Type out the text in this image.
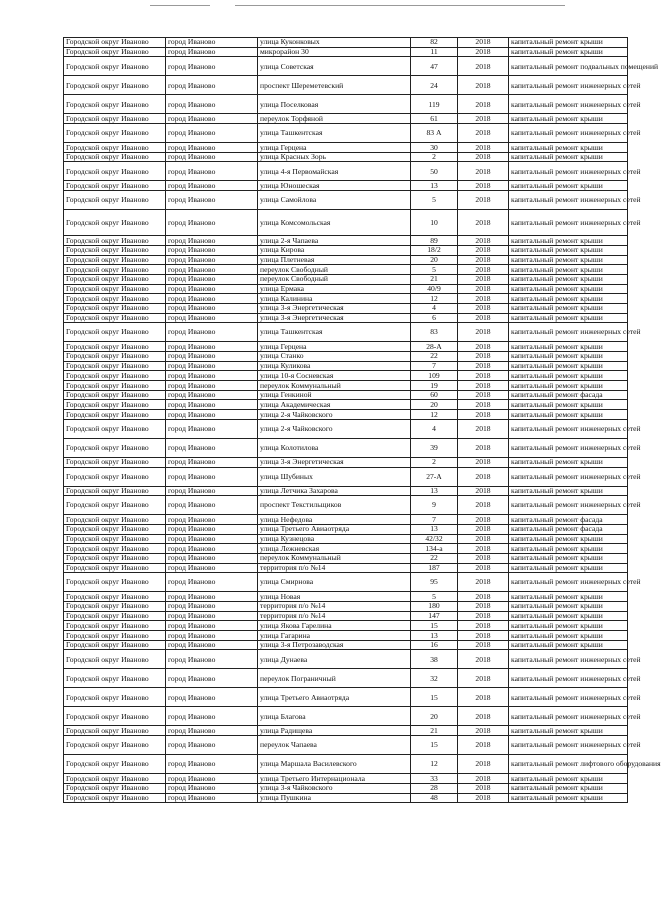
Городской округ Иваново	город Иваново	улица Куконковых	82	2018	капитальный ремонт крыши
Городской округ Иваново	город Иваново	микрорайон 30	11	2018	капитальный ремонт крыши
Городской округ Иваново	город Иваново	улица Советская	47	2018	капитальный ремонт подвальных помещений
Городской округ Иваново	город Иваново	проспект Шереметевский	24	2018	капитальный ремонт инженерных сетей
Городской округ Иваново	город Иваново	улица Поселковая	119	2018	капитальный ремонт инженерных сетей
Городской округ Иваново	город Иваново	переулок Торфяной	61	2018	капитальный ремонт крыши
Городской округ Иваново	город Иваново	улица Ташкентская	83 А	2018	капитальный ремонт инженерных сетей
Городской округ Иваново	город Иваново	улица Герцена	30	2018	капитальный ремонт крыши
Городской округ Иваново	город Иваново	улица Красных Зорь	2	2018	капитальный ремонт крыши
Городской округ Иваново	город Иваново	улица 4-я Первомайская	50	2018	капитальный ремонт инженерных сетей
Городской округ Иваново	город Иваново	улица Юношеская	13	2018	капитальный ремонт крыши
Городской округ Иваново	город Иваново	улица Самойлова	5	2018	капитальный ремонт инженерных сетей
Городской округ Иваново	город Иваново	улица Комсомольская	10	2018	капитальный ремонт инженерных сетей
Городской округ Иваново	город Иваново	улица 2-я Чапаева	89	2018	капитальный ремонт крыши
Городской округ Иваново	город Иваново	улица Кирова	18/2	2018	капитальный ремонт крыши
Городской округ Иваново	город Иваново	улица Плетневая	20	2018	капитальный ремонт крыши
Городской округ Иваново	город Иваново	переулок Свободный	5	2018	капитальный ремонт крыши
Городской округ Иваново	город Иваново	переулок Свободный	21	2018	капитальный ремонт крыши
Городской округ Иваново	город Иваново	улица Ермака	40/9	2018	капитальный ремонт крыши
Городской округ Иваново	город Иваново	улица Калинина	12	2018	капитальный ремонт крыши
Городской округ Иваново	город Иваново	улица 3-я Энергетическая	4	2018	капитальный ремонт крыши
Городской округ Иваново	город Иваново	улица 3-я Энергетическая	6	2018	капитальный ремонт крыши
Городской округ Иваново	город Иваново	улица Ташкентская	83	2018	капитальный ремонт инженерных сетей
Городской округ Иваново	город Иваново	улица Герцена	28-А	2018	капитальный ремонт крыши
Городской округ Иваново	город Иваново	улица Станко	22	2018	капитальный ремонт крыши
Городской округ Иваново	город Иваново	улица Куликова	7	2018	капитальный ремонт крыши
Городской округ Иваново	город Иваново	улица 10-я Сосневская	109	2018	капитальный ремонт крыши
Городской округ Иваново	город Иваново	переулок Коммунальный	19	2018	капитальный ремонт крыши
Городской округ Иваново	город Иваново	улица Генкиной	60	2018	капитальный ремонт фасада
Городской округ Иваново	город Иваново	улица Академическая	20	2018	капитальный ремонт крыши
Городской округ Иваново	город Иваново	улица 2-я Чайковского	12	2018	капитальный ремонт крыши
Городской округ Иваново	город Иваново	улица 2-я Чайковского	4	2018	капитальный ремонт инженерных сетей
Городской округ Иваново	город Иваново	улица Колотилова	39	2018	капитальный ремонт инженерных сетей
Городской округ Иваново	город Иваново	улица 3-я Энергетическая	2	2018	капитальный ремонт крыши
Городской округ Иваново	город Иваново	улица Шубиных	27-А	2018	капитальный ремонт инженерных сетей
Городской округ Иваново	город Иваново	улица Летчика Захарова	13	2018	капитальный ремонт крыши
Городской округ Иваново	город Иваново	проспект Текстильщиков	9	2018	капитальный ремонт инженерных сетей
Городской округ Иваново	город Иваново	улица Нефедова	7	2018	капитальный ремонт фасада
Городской округ Иваново	город Иваново	улица Третьего Авиаотряда	13	2018	капитальный ремонт фасада
Городской округ Иваново	город Иваново	улица Кузнецова	42/32	2018	капитальный ремонт крыши
Городской округ Иваново	город Иваново	улица Лежневская	134-а	2018	капитальный ремонт крыши
Городской округ Иваново	город Иваново	переулок Коммунальный	22	2018	капитальный ремонт крыши
Городской округ Иваново	город Иваново	территория п/о №14	187	2018	капитальный ремонт крыши
Городской округ Иваново	город Иваново	улица Смирнова	95	2018	капитальный ремонт инженерных сетей
Городской округ Иваново	город Иваново	улица Новая	5	2018	капитальный ремонт крыши
Городской округ Иваново	город Иваново	территория п/о №14	180	2018	капитальный ремонт крыши
Городской округ Иваново	город Иваново	территория п/о №14	147	2018	капитальный ремонт крыши
Городской округ Иваново	город Иваново	улица Якова Гарелина	15	2018	капитальный ремонт крыши
Городской округ Иваново	город Иваново	улица Гагарина	13	2018	капитальный ремонт крыши
Городской округ Иваново	город Иваново	улица 3-я Петрозаводская	16	2018	капитальный ремонт крыши
Городской округ Иваново	город Иваново	улица Дунаева	38	2018	капитальный ремонт инженерных сетей
Городской округ Иваново	город Иваново	переулок Пограничный	32	2018	капитальный ремонт инженерных сетей
Городской округ Иваново	город Иваново	улица Третьего Авиаотряда	15	2018	капитальный ремонт инженерных сетей
Городской округ Иваново	город Иваново	улица Благова	20	2018	капитальный ремонт инженерных сетей
Городской округ Иваново	город Иваново	улица Радищева	21	2018	капитальный ремонт крыши
Городской округ Иваново	город Иваново	переулок Чапаева	15	2018	капитальный ремонт инженерных сетей
Городской округ Иваново	город Иваново	улица Маршала Василевского	12	2018	капитальный ремонт лифтового оборудования
Городской округ Иваново	город Иваново	улица Третьего Интернационала	33	2018	капитальный ремонт крыши
Городской округ Иваново	город Иваново	улица 3-я Чайковского	28	2018	капитальный ремонт крыши
Городской округ Иваново	город Иваново	улица Пушкина	48	2018	капитальный ремонт крыши
